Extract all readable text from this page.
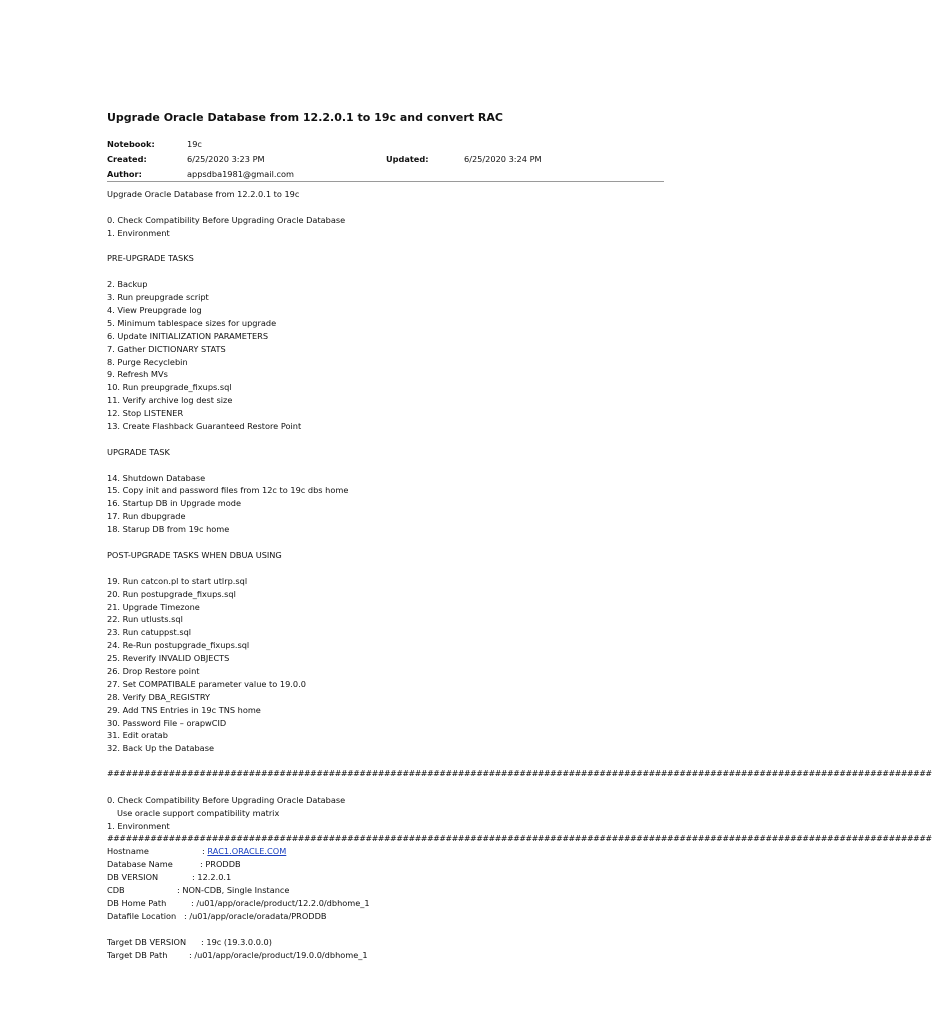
Upgrade Oracle Database from 12.2.0.1 to 19c and convert RAC
Notebook:	19c
Created:	6/25/2020 3:23 PM	Updated:	6/25/2020 3:24 PM
Author:	appsdba1981@gmail.com
Upgrade Oracle Database from 12.2.0.1 to 19c
0. Check Compatibility Before Upgrading Oracle Database
1. Environment
PRE-UPGRADE TASKS
2. Backup
3. Run preupgrade script
4. View Preupgrade log
5. Minimum tablespace sizes for upgrade
6. Update INITIALIZATION PARAMETERS
7. Gather DICTIONARY STATS
8. Purge Recyclebin
9. Refresh MVs
10. Run preupgrade_fixups.sql
11. Verify archive log dest size
12. Stop LISTENER
13. Create Flashback Guaranteed Restore Point
UPGRADE TASK
14. Shutdown Database
15. Copy init and password files from 12c to 19c dbs home
16. Startup DB in Upgrade mode
17. Run dbupgrade
18. Starup DB from 19c home
POST-UPGRADE TASKS WHEN DBUA USING
19. Run catcon.pl to start utlrp.sql
20. Run postupgrade_fixups.sql
21. Upgrade Timezone
22. Run utlusts.sql
23. Run catuppst.sql
24. Re-Run postupgrade_fixups.sql
25. Reverify INVALID OBJECTS
26. Drop Restore point
27. Set COMPATIBALE parameter value to 19.0.0
28. Verify DBA_REGISTRY
29. Add TNS Entries in 19c TNS home
30. Password File – orapwCID
31. Edit oratab
32. Back Up the Database
######################################################################################################################################
0. Check Compatibility Before Upgrading Oracle Database
Use oracle support compatibility matrix
1. Environment
######################################################################################################################################
Hostname	: RAC1.ORACLE.COM
Database Name	: PRODDB
DB VERSION	: 12.2.0.1
CDB	: NON-CDB, Single Instance
DB Home Path	: /u01/app/oracle/product/12.2.0/dbhome_1
Datafile Location : /u01/app/oracle/oradata/PRODDB
Target DB VERSION : 19c (19.3.0.0.0)
Target DB Path	: /u01/app/oracle/product/19.0.0/dbhome_1
